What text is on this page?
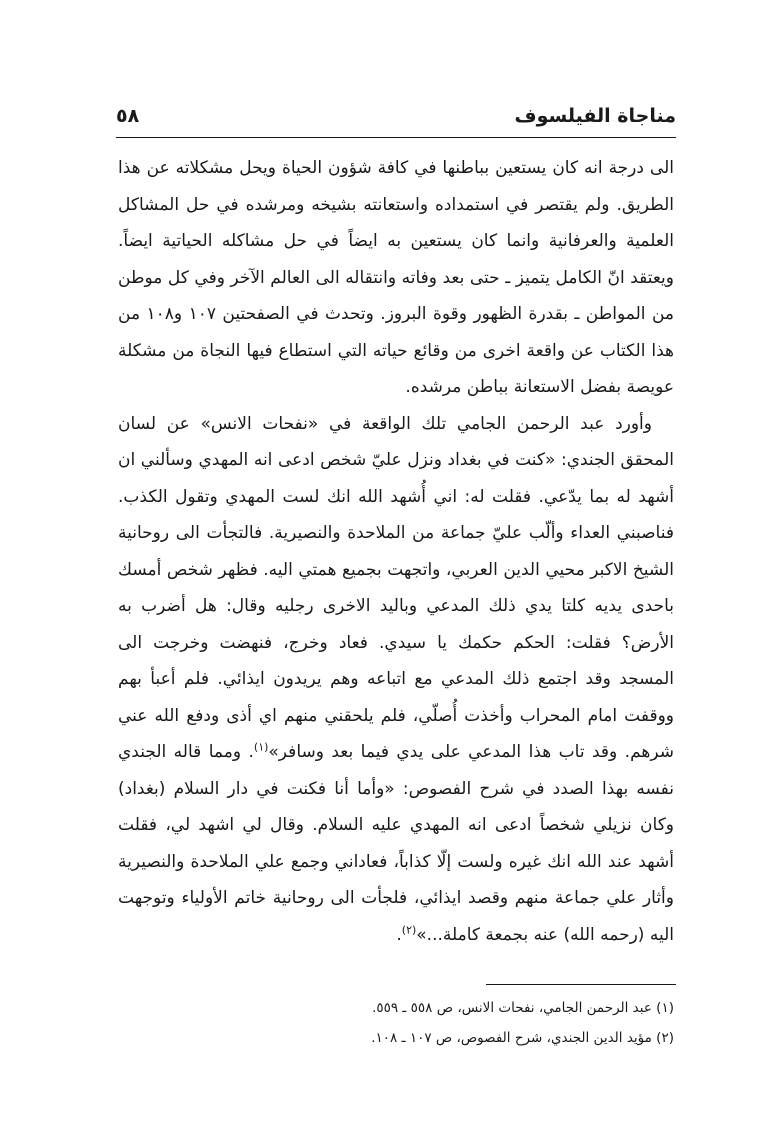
مناجاة الفيلسوف
٥٨

الى درجة انه كان يستعين بباطنها في كافة شؤون الحياة ويحل مشكلاته عن هذا الطريق. ولم يقتصر في استمداده واستعانته بشيخه ومرشده في حل المشاكل العلمية والعرفانية وانما كان يستعين به ايضاً في حل مشاكله الحياتية ايضاً. ويعتقد انّ الكامل يتميز ـ حتى بعد وفاته وانتقاله الى العالم الآخر وفي كل موطن من المواطن ـ بقدرة الظهور وقوة البروز. وتحدث في الصفحتين ١٠٧ و١٠٨ من هذا الكتاب عن واقعة اخرى من وقائع حياته التي استطاع فيها النجاة من مشكلة عويصة بفضل الاستعانة بباطن مرشده.

وأورد عبد الرحمن الجامي تلك الواقعة في «نفحات الانس» عن لسان المحقق الجندي: «كنت في بغداد ونزل عليّ شخص ادعى انه المهدي وسألني ان أشهد له بما يدّعي. فقلت له: اني أُشهد الله انك لست المهدي وتقول الكذب. فناصبني العداء وألّب عليّ جماعة من الملاحدة والنصيرية. فالتجأت الى روحانية الشيخ الاكبر محيي الدين العربي، واتجهت بجميع همتي اليه. فظهر شخص أمسك باحدى يديه كلتا يدي ذلك المدعي وباليد الاخرى رجليه وقال: هل أضرب به الأرض؟ فقلت: الحكم حكمك يا سيدي. فعاد وخرج، فنهضت وخرجت الى المسجد وقد اجتمع ذلك المدعي مع اتباعه وهم يريدون ايذائي. فلم أعبأ بهم ووقفت امام المحراب وأخذت أُصلّي، فلم يلحقني منهم اي أذى ودفع الله عني شرهم. وقد تاب هذا المدعي على يدي فيما بعد وسافر»$^{(١)}$. ومما قاله الجندي نفسه بهذا الصدد في شرح الفصوص: «وأما أنا فكنت في دار السلام (بغداد) وكان نزيلي شخصاً ادعى انه المهدي عليه السلام. وقال لي اشهد لي، فقلت أشهد عند الله انك غيره ولست إلّا كذاباً، فعاداني وجمع علي الملاحدة والنصيرية وأثار علي جماعة منهم وقصد ايذائي، فلجأت الى روحانية خاتم الأولياء وتوجهت اليه (رحمه الله) عنه بجمعة كاملة...»$^{(٢)}$.

(١) عبد الرحمن الجامي، نفحات الانس، ص ٥٥٨ ـ ٥٥٩.
(٢) مؤيد الدين الجندي، شرح الفصوص، ص ١٠٧ ـ ١٠٨.
